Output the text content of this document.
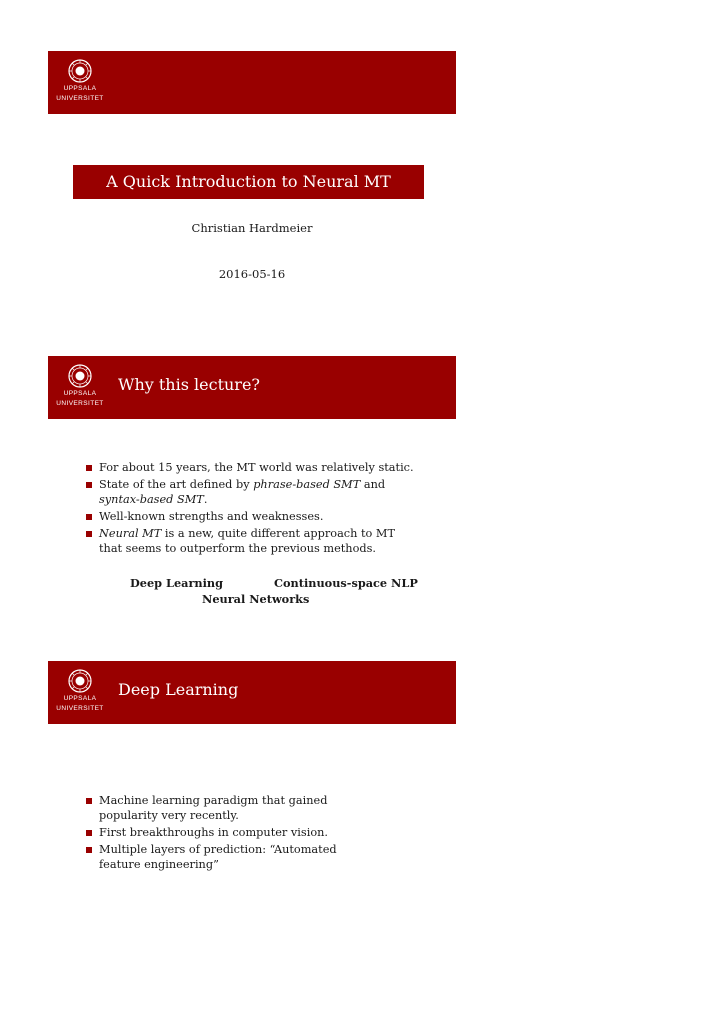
UPPSALA
UNIVERSITET
A Quick Introduction to Neural MT
Christian Hardmeier
2016-05-16
UPPSALA
UNIVERSITET
Why this lecture?
For about 15 years, the MT world was relatively static.
State of the art defined by phrase-based SMT and syntax-based SMT.
Well-known strengths and weaknesses.
Neural MT is a new, quite different approach to MT that seems to outperform the previous methods.
Deep Learning	Continuous-space NLP
Neural Networks
UPPSALA
UNIVERSITET
Deep Learning
Machine learning paradigm that gained popularity very recently.
First breakthroughs in computer vision.
Multiple layers of prediction: “Automated feature engineering”
